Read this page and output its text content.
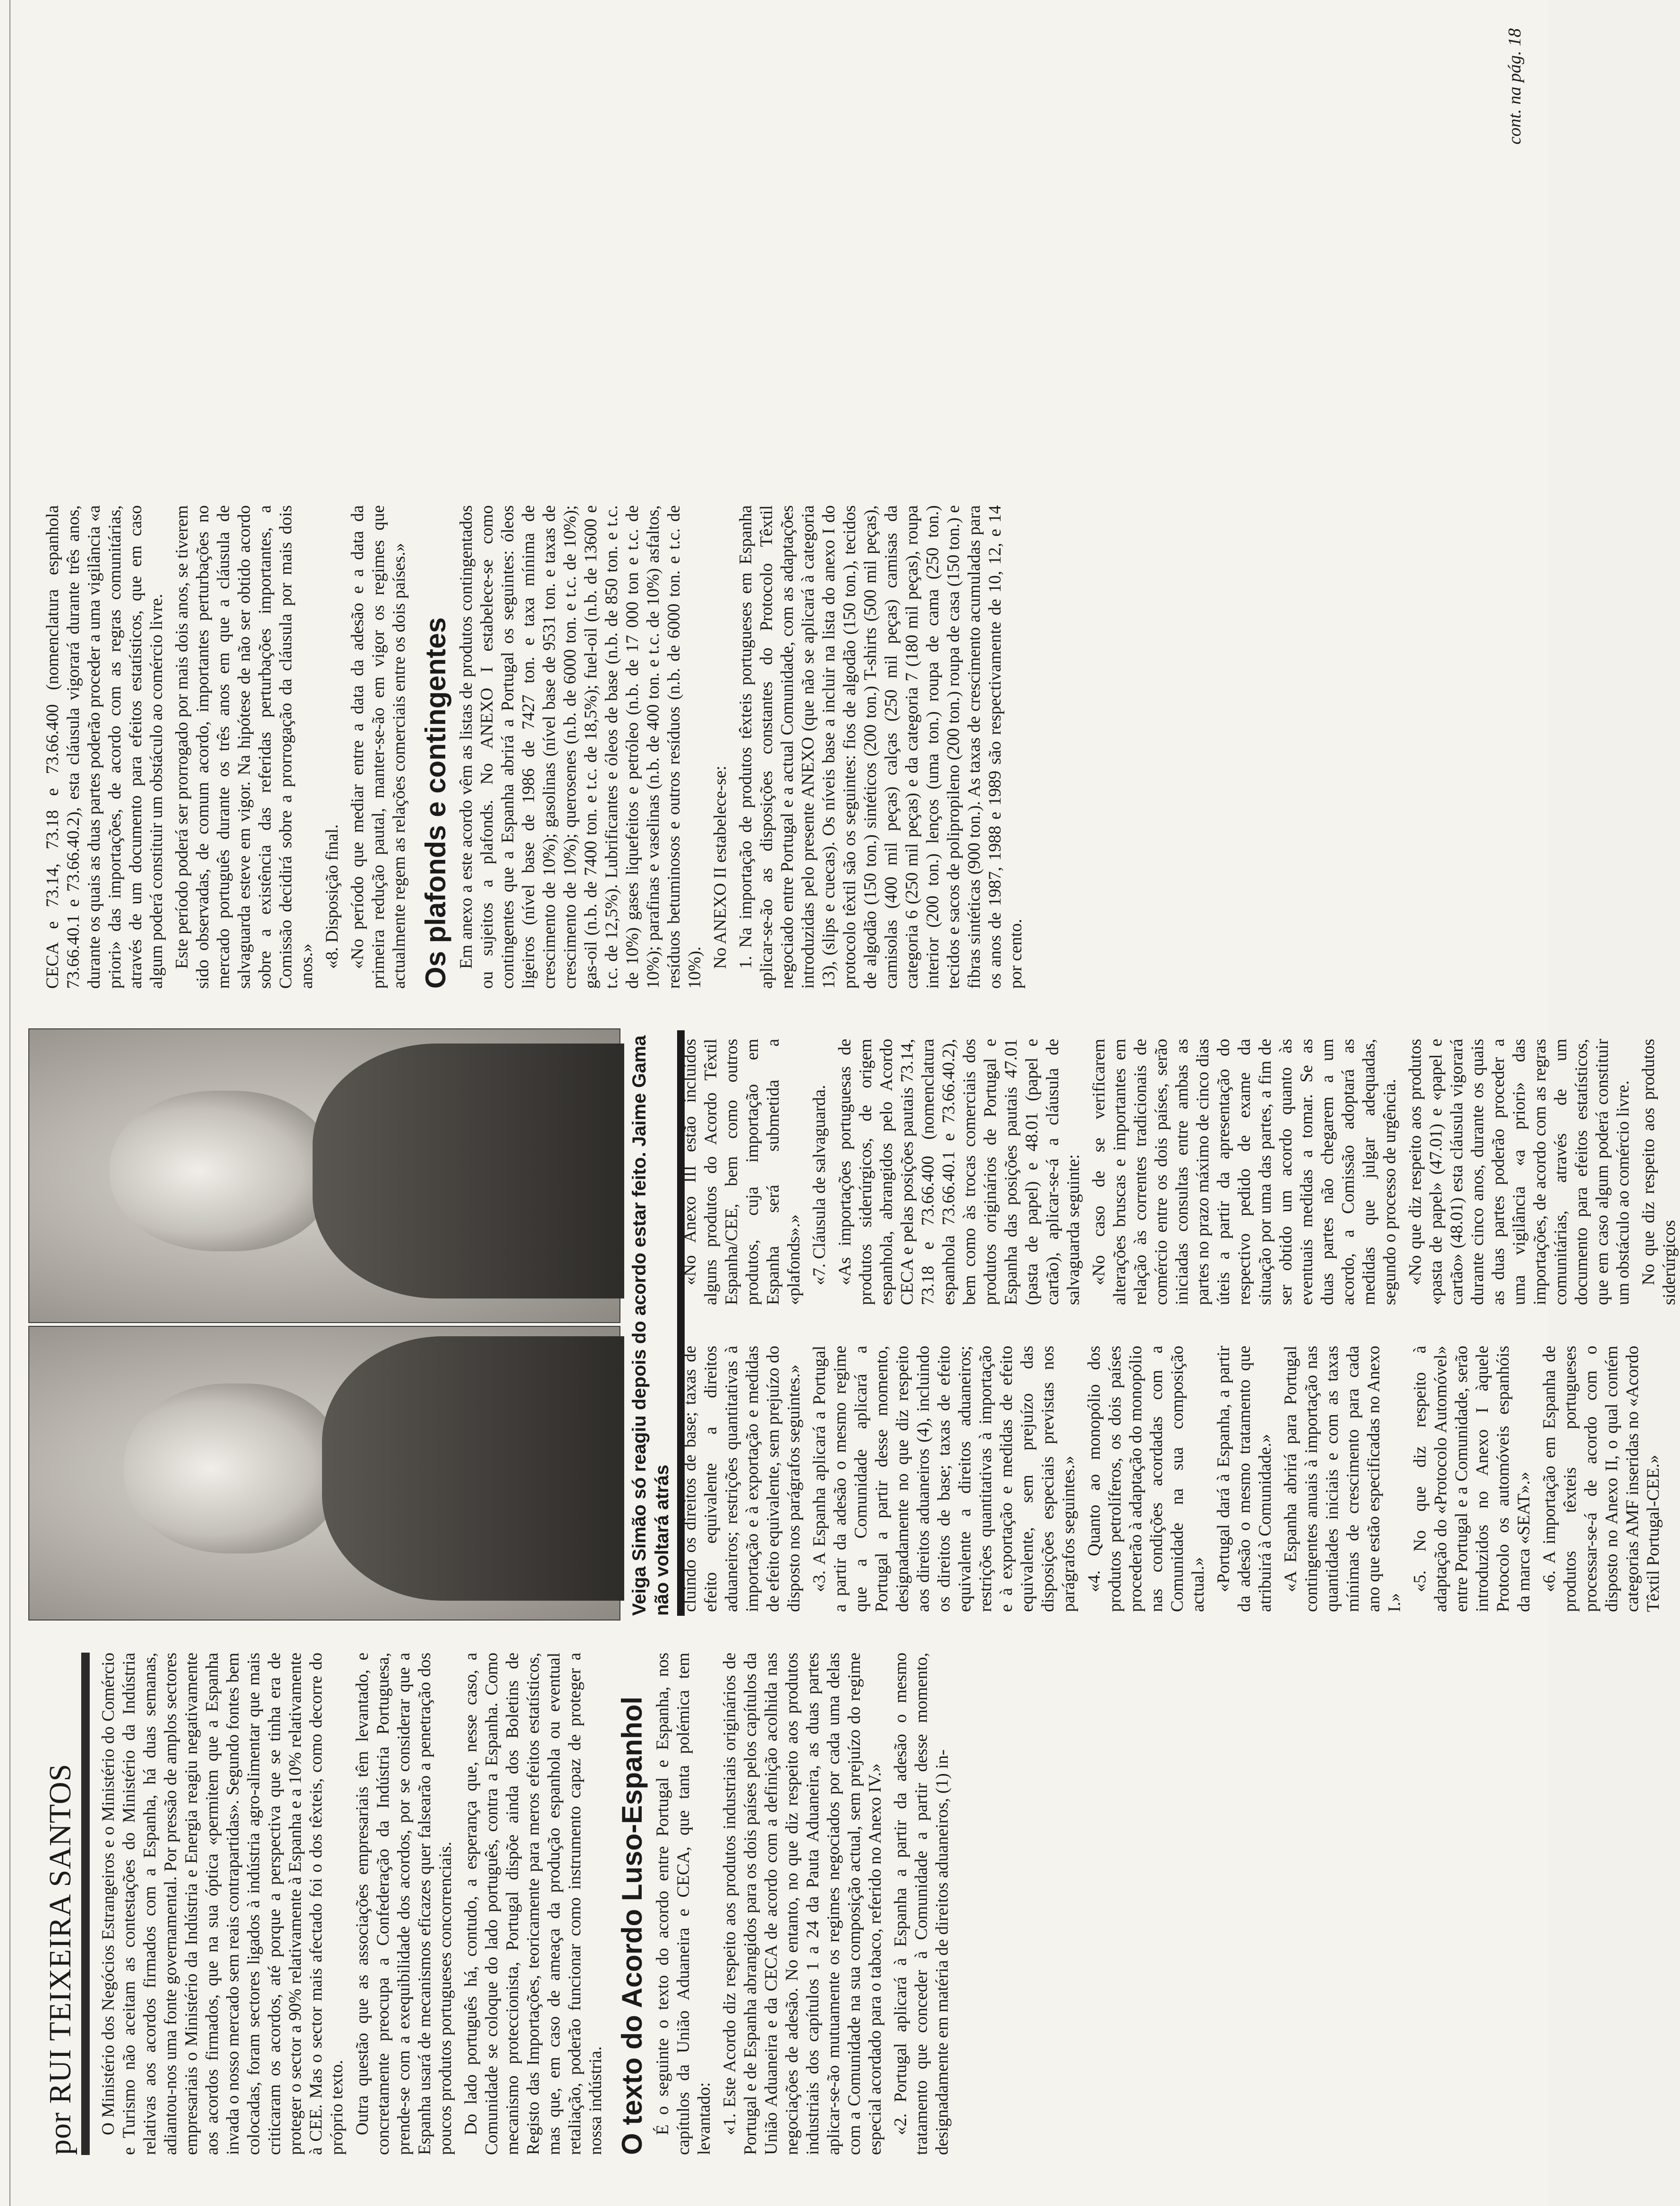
por RUI TEIXEIRA SANTOS	O Ministério dos Negócios Estrangeiros e o Ministério do Comércio e Turismo não aceitam as contestações do Ministério da Indústria relativas aos acordos firmados com a Espanha, há duas semanas, adiantou-nos uma fonte governamental. Por pressão de amplos sectores empresariais o Ministério da Indústria e Energia reagiu negativamente aos acordos firmados, que na sua óptica «permitem que a Espanha invada o nosso mercado sem reais contrapartidas». Segundo fontes bem colocadas, foram sectores ligados à indústria agro-alimentar que mais criticaram os acordos, até porque a perspectiva que se tinha era de proteger o sector a 90% relativamente à Espanha e a 10% relativamente à CEE. Mas o sector mais afectado foi o dos têxteis, como decorre do próprio texto. Outra questão que as associações empresariais têm levantado, e concretamente preocupa a Confederação da Indústria Portuguesa, prende-se com a exequibilidade dos acordos, por se considerar que a Espanha usará de mecanismos eficazes quer falsearão a penetração dos poucos produtos portugueses concorrenciais. Do lado português há, contudo, a esperança que, nesse caso, a Comunidade se coloque do lado português, contra a Espanha. Como mecanismo proteccionista, Portugal dispõe ainda dos Boletins de Registo das Importações, teoricamente para meros efeitos estatísticos, mas que, em caso de ameaça da produção espanhola ou eventual retaliação, poderão funcionar como instrumento capaz de proteger a nossa indústria. O texto do Acordo Luso-Espanhol É o seguinte o texto do acordo entre Portugal e Espanha, nos capítulos da União Aduaneira e CECA, que tanta polémica tem levantado: «1. Este Acordo diz respeito aos produtos industriais originários de Portugal e de Espanha abrangidos para os dois países pelos capítulos da União Aduaneira e da CECA de acordo com a definição acolhida nas negociações de adesão. No entanto, no que diz respeito aos produtos industriais dos capítulos 1 a 24 da Pauta Aduaneira, as duas partes aplicar-se-ão mutuamente os regimes negociados por cada uma delas com a Comunidade na sua composição actual, sem prejuízo do regime especial acordado para o tabaco, referido no Anexo IV.» «2. Portugal aplicará à Espanha a partir da adesão o mesmo tratamento que conceder à Comunidade a partir desse momento, designadamente em matéria de direitos aduaneiros, (1) in-

Veiga Simão só reagiu depois do acordo estar feito. Jaime Gama não voltará atrás cluindo os direitos de base; taxas de efeito equivalente a direitos aduaneiros; restrições quantitativas à importação e à exportação e medidas de efeito equivalente, sem prejuízo do disposto nos parágrafos seguintes.» «3. A Espanha aplicará a Portugal a partir da adesão o mesmo regime que a Comunidade aplicará a Portugal a partir desse momento, designadamente no que diz respeito aos direitos aduaneiros (4), incluindo os direitos de base; taxas de efeito equivalente a direitos aduaneiros; restrições quantitativas à importação e à exportação e medidas de efeito equivalente, sem prejuízo das disposições especiais previstas nos parágrafos seguintes.» «4. Quanto ao monopólio dos produtos petrolíferos, os dois países procederão à adaptação do monopólio nas condições acordadas com a Comunidade na sua composição actual.» «Portugal dará à Espanha, a partir da adesão o mesmo tratamento que atribuirá à Comunidade.» «A Espanha abrirá para Portugal contingentes anuais à importação nas quantidades iniciais e com as taxas mínimas de crescimento para cada ano que estão especificadas no Anexo I.»

«5. No que diz respeito à adaptação do «Protocolo Automóvel» entre Portugal e a Comunidade, serão introduzidos no Anexo I àquele Protocolo os automóveis espanhóis da marca «SEAT».» «6. A importação em Espanha de produtos têxteis portugueses processar-se-á de acordo com o disposto no Anexo II, o qual contém categorias AMF inseridas no «Acordo Têxtil Portugal-CEE.»

«No Anexo III estão incluídos alguns produtos do Acordo Têxtil Espanha/CEE, bem como outros produtos, cuja importação em Espanha será submetida a «plafonds».» «7. Cláusula de salvaguarda. «As importações portuguesas de produtos siderúrgicos, de origem espanhola, abrangidos pelo Acordo CECA e pelas posições pautais 73.14, 73.18 e 73.66.400 (nomenclatura espanhola 73.66.40.1 e 73.66.40.2), bem como às trocas comerciais dos produtos originários de Portugal e Espanha das posições pautais 47.01 (pasta de papel) e 48.01 (papel e cartão), aplicar-se-á a cláusula de salvaguarda seguinte: «No caso de se verificarem alterações bruscas e importantes em relação às correntes tradicionais de comércio entre os dois países, serão iniciadas consultas entre ambas as partes no prazo máximo de cinco dias úteis a partir da apresentação do respectivo pedido de exame da situação por uma das partes, a fim de ser obtido um acordo quanto às eventuais medidas a tomar. Se as duas partes não chegarem a um acordo, a Comissão adoptará as medidas que julgar adequadas, segundo o processo de urgência. «No que diz respeito aos produtos «pasta de papel» (47.01) e «papel e cartão» (48.01) esta cláusula vigorará durante cinco anos, durante os quais as duas partes poderão proceder a uma vigilância «a priori» das importações, de acordo com as regras comunitárias, através de um documento para efeitos estatísticos, que em caso algum poderá constituir um obstáculo ao comércio livre. No que diz respeito aos produtos siderúrgicos

CECA e 73.14, 73.18 e 73.66.400 (nomenclatura espanhola 73.66.40.1 e 73.66.40.2), esta cláusula vigorará durante três anos, durante os quais as duas partes poderão proceder a uma vigilância «a priori» das importações, de acordo com as regras comunitárias, através de um documento para efeitos estatísticos, que em caso algum poderá constituir um obstáculo ao comércio livre. Este período poderá ser prorrogado por mais dois anos, se tiverem sido observadas, de comum acordo, importantes perturbações no mercado português durante os três anos em que a cláusula de salvaguarda esteve em vigor. Na hipótese de não ser obtido acordo sobre a existência das referidas perturbações importantes, a Comissão decidirá sobre a prorrogação da cláusula por mais dois anos.» «8. Disposição final. «No período que mediar entre a data da adesão e a data da primeira redução pautal, manter-se-ão em vigor os regimes que actualmente regem as relações comerciais entre os dois países.» Os plafonds e contingentes Em anexo a este acordo vêm as listas de produtos contingentados ou sujeitos a plafonds. No ANEXO I estabelece-se como contingentes que a Espanha abrirá a Portugal os seguintes: óleos ligeiros (nível base de 1986 de 7427 ton. e taxa mínima de crescimento de 10%); gasolinas (nível base de 9531 ton. e taxas de crescimento de 10%); querosenes (n.b. de 6000 ton. e t.c. de 10%); gas-oil (n.b. de 7400 ton. e t.c. de 18,5%); fuel-oil (n.b. de 13600 e t.c. de 12,5%). Lubrificantes e óleos de base (n.b. de 850 ton. e t.c. de 10%) gases liquefeitos e petróleo (n.b. de 17 000 ton e t.c. de 10%); parafinas e vaselinas (n.b. de 400 ton. e t.c. de 10%) asfaltos, resíduos betuminosos e outros resíduos (n.b. de 6000 ton. e t.c. de 10%). No ANEXO II estabelece-se: 1. Na importação de produtos têxteis portugueses em Espanha aplicar-se-ão as disposições constantes do Protocolo Têxtil negociado entre Portugal e a actual Comunidade, com as adaptações introduzidas pelo presente ANEXO (que não se aplicará à categoria 13), (slips e cuecas). Os níveis base a incluir na lista do anexo I do protocolo têxtil são os seguintes: fios de algodão (150 ton.), tecidos de algodão (150 ton.) sintéticos (200 ton.) T-shirts (500 mil peças), camisolas (400 mil peças) calças (250 mil peças) camisas da categoria 6 (250 mil peças) e da categoria 7 (180 mil peças), roupa interior (200 ton.) lenços (uma ton.) roupa de cama (250 ton.) tecidos e sacos de polipropileno (200 ton.) roupa de casa (150 ton.) e fibras sintéticas (900 ton.). As taxas de crescimento acumuladas para os anos de 1987, 1988 e 1989 são respectivamente de 10, 12, e 14 por cento.

cont. na pág. 18
